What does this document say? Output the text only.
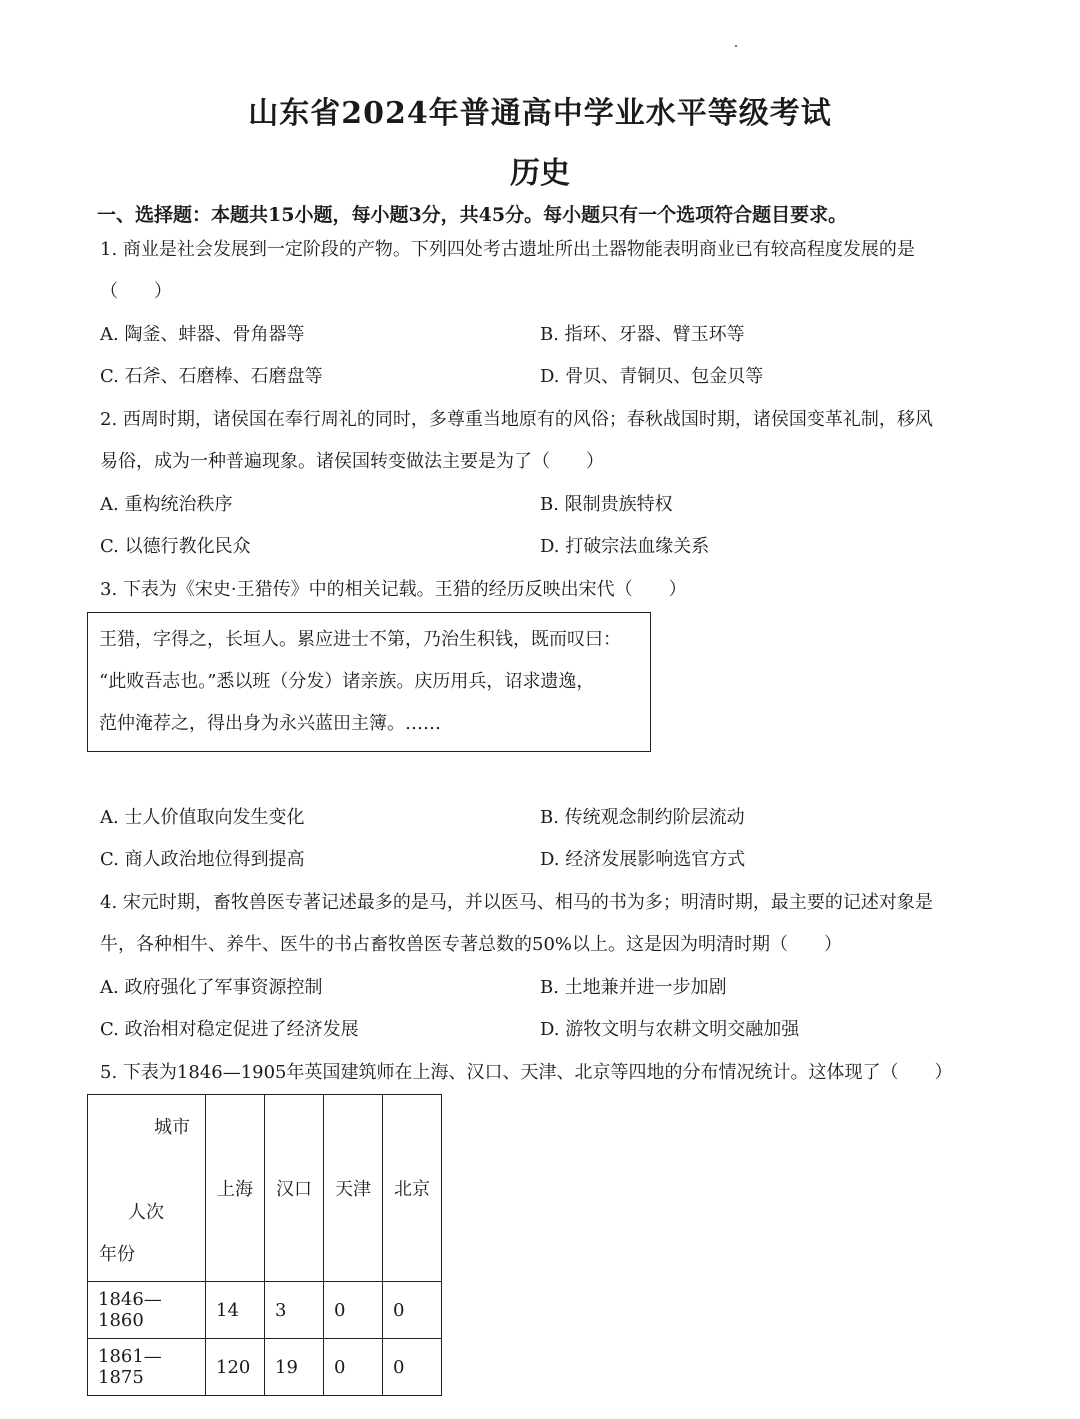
山东省2024年普通高中学业水平等级考试
历史
一、选择题：本题共15小题，每小题3分，共45分。每小题只有一个选项符合题目要求。
1. 商业是社会发展到一定阶段的产物。下列四处考古遗址所出土器物能表明商业已有较高程度发展的是
（　　）
A. 陶釜、蚌器、骨角器等	B. 指环、牙器、臂玉环等
C. 石斧、石磨棒、石磨盘等	D. 骨贝、青铜贝、包金贝等
2. 西周时期，诸侯国在奉行周礼的同时，多尊重当地原有的风俗；春秋战国时期，诸侯国变革礼制，移风
易俗，成为一种普遍现象。诸侯国转变做法主要是为了（　　）
A. 重构统治秩序	B. 限制贵族特权
C. 以德行教化民众	D. 打破宗法血缘关系
3. 下表为《宋史·王猎传》中的相关记载。王猎的经历反映出宋代（　　）
王猎，字得之，长垣人。累应进士不第，乃治生积钱，既而叹曰：
“此败吾志也。”悉以班（分发）诸亲族。庆历用兵，诏求遗逸，
范仲淹荐之，得出身为永兴蓝田主簿。……
A. 士人价值取向发生变化	B. 传统观念制约阶层流动
C. 商人政治地位得到提高	D. 经济发展影响选官方式
4. 宋元时期，畜牧兽医专著记述最多的是马，并以医马、相马的书为多；明清时期，最主要的记述对象是
牛，各种相牛、养牛、医牛的书占畜牧兽医专著总数的50%以上。这是因为明清时期（　　）
A. 政府强化了军事资源控制	B. 土地兼并进一步加剧
C. 政治相对稳定促进了经济发展	D. 游牧文明与农耕文明交融加强
5. 下表为1846—1905年英国建筑师在上海、汉口、天津、北京等四地的分布情况统计。这体现了（　　）
城市
人次
年份	上海	汉口	天津	北京
1846—1860	14	3	0	0
1861—1875	120	19	0	0
